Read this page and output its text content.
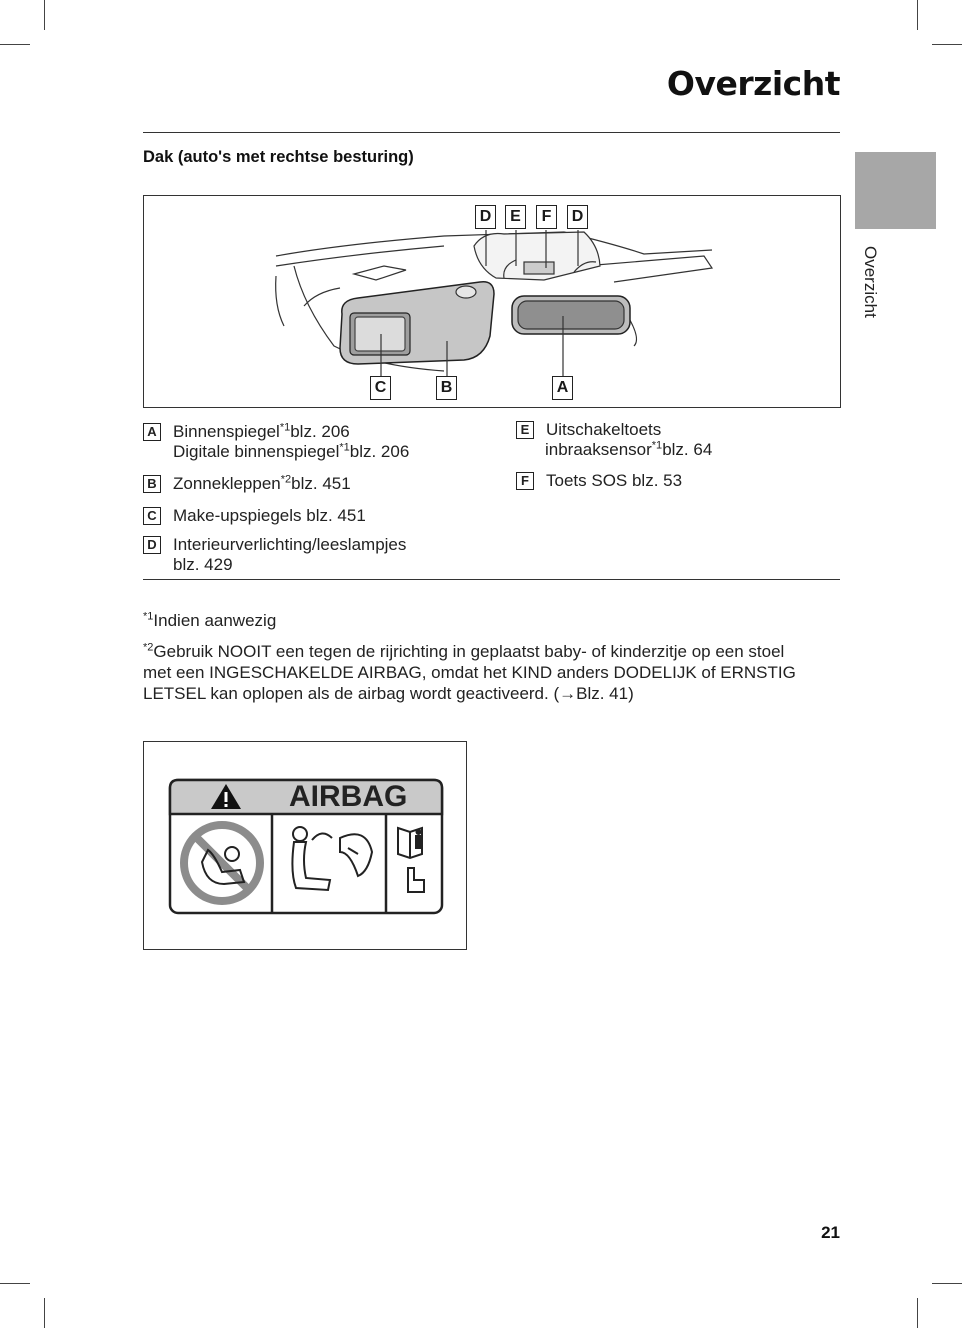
Overzicht
Overzicht
Dak (auto's met rechtse besturing)
D	E	F	D
C	B	A
A Binnenspiegel$^{*1}$blz. 206
Digitale binnenspiegel$^{*1}$blz. 206
B Zonnekleppen$^{*2}$blz. 451
C Make-upspiegels blz. 451
D Interieurverlichting/leeslampjes
blz. 429
E Uitschakeltoets
inbraaksensor$^{*1}$blz. 64
F Toets SOS blz. 53
$^{*1}$Indien aanwezig
$^{*2}$Gebruik NOOIT een tegen de rijrichting in geplaatst baby- of kinderzitje op een stoel
met een INGESCHAKELDE AIRBAG, omdat het KIND anders DODELIJK of ERNSTIG
LETSEL kan oplopen als de airbag wordt geactiveerd. (→Blz. 41)
AIRBAG
21
